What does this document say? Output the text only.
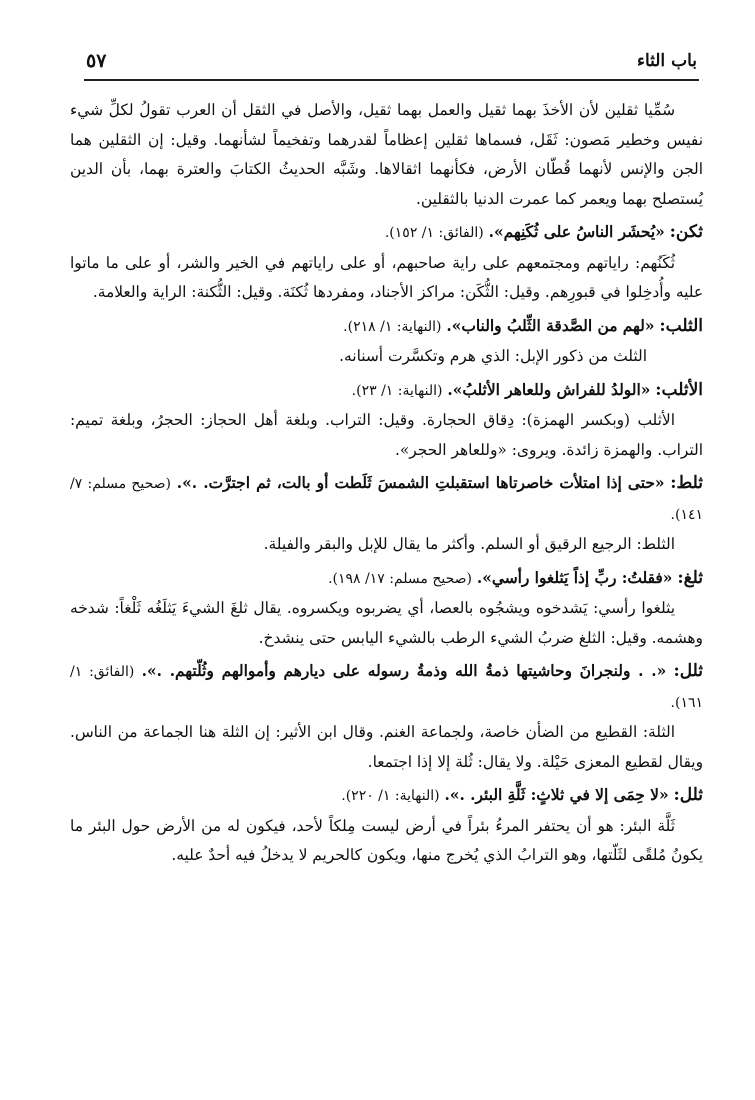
باب الثاء
٥٧

سُمِّيا ثقلين لأن الأخذَ بهما ثقيل والعمل بهما ثقيل، والأصل في الثقل أن العرب تقولُ لكلِّ شيء نفيس وخطير مَصون: ثَقَل، فسماها ثقلين إعظاماً لقدرهما وتفخيماً لشأنهما. وقيل: إن الثقلين هما الجن والإنس لأنهما قُطّان الأرض، فكأنهما اثقالاها. وشَبَّه الحديثُ الكتابَ والعترة بهما، بأن الدين يُستصلح بهما ويعمر كما عمرت الدنيا بالثقلين.

ثكن: «يُحشَر الناسُ على ثُكَنِهم». (الفائق: ١/ ١٥٢).

ثُكَنُهم: راياتهم ومجتمعهم على راية صاحبهم، أو على راياتهم في الخير والشر، أو على ما ماتوا عليه وأُدخِلوا في قبورِهم. وقيل: الثُّكَن: مراكز الأجناد، ومفردها ثُكنَة. وقيل: الثُّكنة: الراية والعلامة.

الثلب: «لهم من الصَّدقة الثِّلبُ والناب». (النهاية: ١/ ٢١٨).

الثلث من ذكور الإبل: الذي هرم وتكسَّرت أسنانه.

الأثلب: «الولدُ للفراش وللعاهر الأثلبُ». (النهاية: ١/ ٢٣).

الأثلب (وبكسر الهمزة): دِقاق الحجارة. وقيل: التراب. وبلغة أهل الحجاز: الحجرُ، وبلغة تميم: التراب. والهمزة زائدة. ويروى: «وللعاهر الحجر».

ثلط: «حتى إذا امتلأت خاصرتاها استقبلتِ الشمسَ ثَلَطت أو بالت، ثم اجترَّت. .». (صحيح مسلم: ٧/ ١٤١).

الثلط: الرجيع الرقيق أو السلم. وأكثر ما يقال للإبل والبقر والفيلة.

ثلغ: «فقلتُ: ربِّ إذاً يَثلغوا رأسي». (صحيح مسلم: ١٧/ ١٩٨).

يثلغوا رأسي: يَشدخوه ويشجُوه بالعصا، أي يضربوه ويكسروه. يقال ثلغَ الشيءَ يَثلَغُه ثَلْغاً: شدخه وهشمه. وقيل: الثلغ ضربُ الشيء الرطب بالشيء اليابس حتى ينشدخ.

ثلل: «. . ولنجرانَ وحاشيتها ذمةُ الله وذمةُ رسوله على ديارهم وأموالهم وثُلّتهم. .». (الفائق: ١/ ١٦١).

الثلة: القطيع من الضأن خاصة، ولجماعة الغنم. وقال ابن الأثير: إن الثلة هنا الجماعة من الناس. ويقال لقطيع المعزى حَيْلة. ولا يقال: ثُلة إلا إذا اجتمعا.

ثلل: «لا حِمَى إلا في ثلاثٍ: ثَلَّةِ البئر. .». (النهاية: ١/ ٢٢٠).

ثَلَّة البئر: هو أن يحتفر المرءُ بئراً في أرض ليست مِلكاً لأحد، فيكون له من الأرض حول البئر ما يكونُ مُلقًى لثَلّتها، وهو الترابُ الذي يُخرج منها، ويكون كالحريم لا يدخلُ فيه أحدٌ عليه.
